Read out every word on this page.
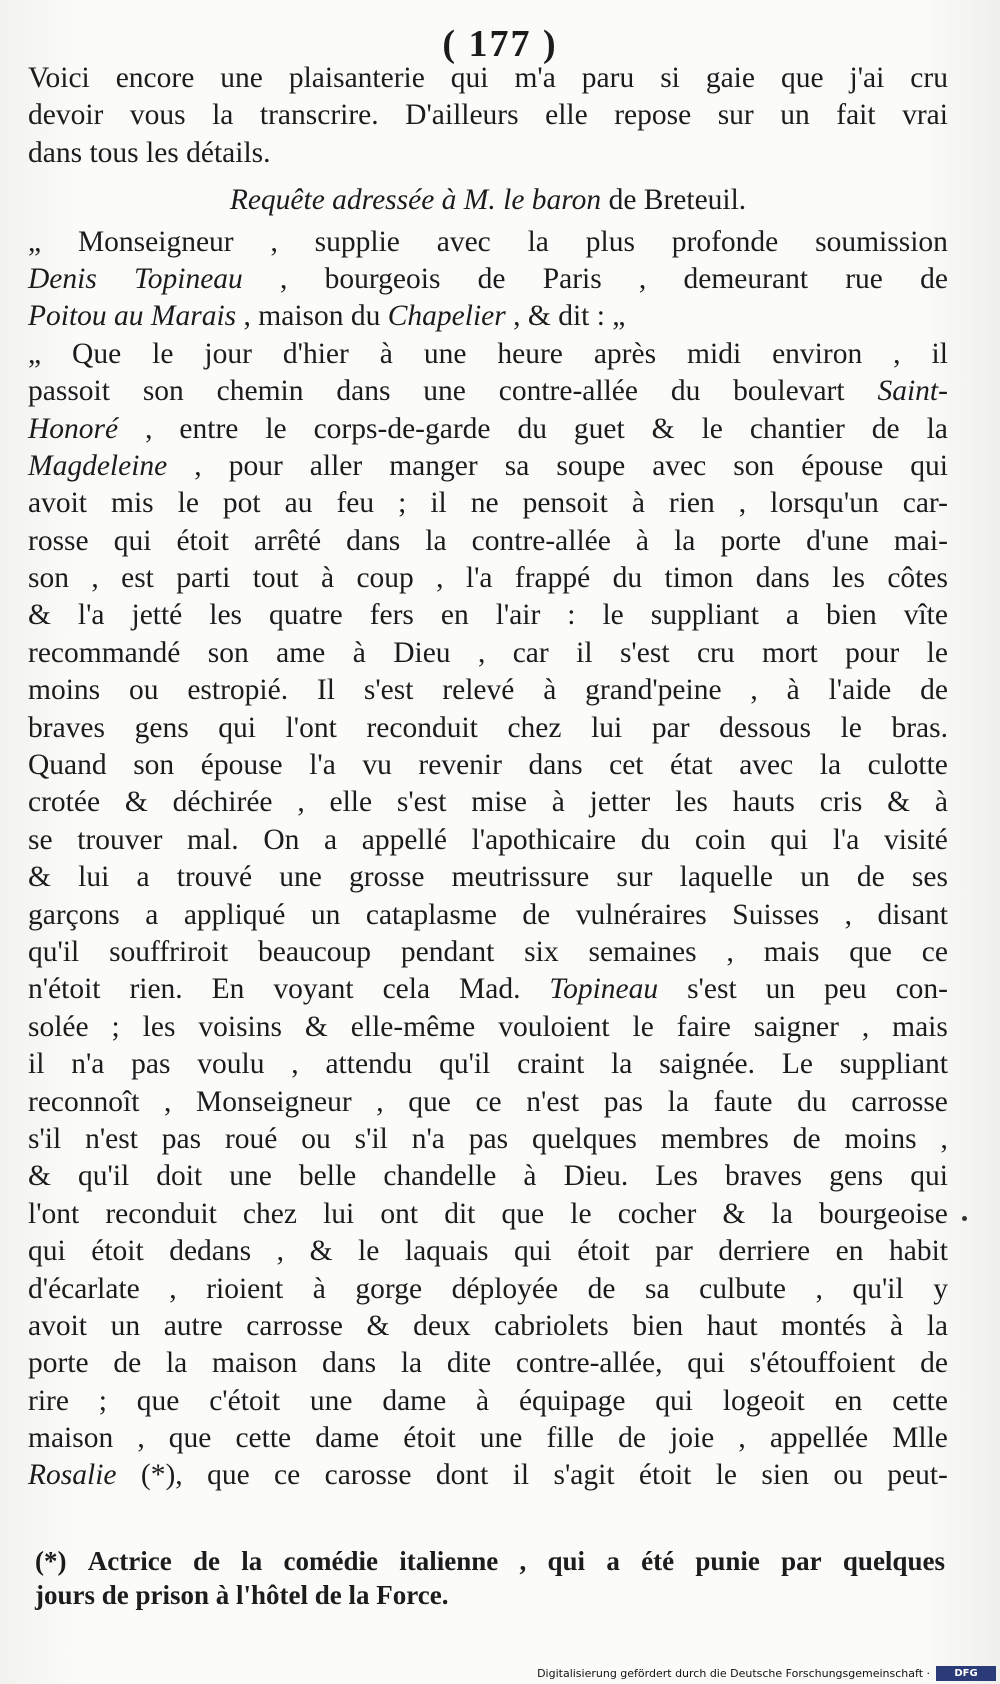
( 177 )
Voici encore une plaisanterie qui m'a paru si gaie que j'ai cru
devoir vous la transcrire. D'ailleurs elle repose sur un fait vrai
dans tous les détails.
Requête adressée à M. le baron de Breteuil.
„ Monseigneur , supplie avec la plus profonde soumission
Denis Topineau , bourgeois de Paris , demeurant rue de
Poitou au Marais , maison du Chapelier , & dit : „
„ Que le jour d'hier à une heure après midi environ , il
passoit son chemin dans une contre-allée du boulevart Saint-
Honoré , entre le corps-de-garde du guet & le chantier de la
Magdeleine , pour aller manger sa soupe avec son épouse qui
avoit mis le pot au feu ; il ne pensoit à rien , lorsqu'un car-
rosse qui étoit arrêté dans la contre-allée à la porte d'une mai-
son , est parti tout à coup , l'a frappé du timon dans les côtes
& l'a jetté les quatre fers en l'air : le suppliant a bien vîte
recommandé son ame à Dieu , car il s'est cru mort pour le
moins ou estropié. Il s'est relevé à grand'peine , à l'aide de
braves gens qui l'ont reconduit chez lui par dessous le bras.
Quand son épouse l'a vu revenir dans cet état avec la culotte
crotée & déchirée , elle s'est mise à jetter les hauts cris & à
se trouver mal. On a appellé l'apothicaire du coin qui l'a visité
& lui a trouvé une grosse meutrissure sur laquelle un de ses
garçons a appliqué un cataplasme de vulnéraires Suisses , disant
qu'il souffriroit beaucoup pendant six semaines , mais que ce
n'étoit rien. En voyant cela Mad. Topineau s'est un peu con-
solée ; les voisins & elle-même vouloient le faire saigner , mais
il n'a pas voulu , attendu qu'il craint la saignée. Le suppliant
reconnoît , Monseigneur , que ce n'est pas la faute du carrosse
s'il n'est pas roué ou s'il n'a pas quelques membres de moins ,
& qu'il doit une belle chandelle à Dieu. Les braves gens qui
l'ont reconduit chez lui ont dit que le cocher & la bourgeoise
qui étoit dedans , & le laquais qui étoit par derriere en habit
d'écarlate , rioient à gorge déployée de sa culbute , qu'il y
avoit un autre carrosse & deux cabriolets bien haut montés à la
porte de la maison dans la dite contre-allée, qui s'étouffoient de
rire ; que c'étoit une dame à équipage qui logeoit en cette
maison , que cette dame étoit une fille de joie , appellée Mlle
Rosalie (*), que ce carosse dont il s'agit étoit le sien ou peut-
(*) Actrice de la comédie italienne , qui a été punie par quelques
jours de prison à l'hôtel de la Force.
Digitalisierung gefördert durch die Deutsche Forschungsgemeinschaft ·	DFG
